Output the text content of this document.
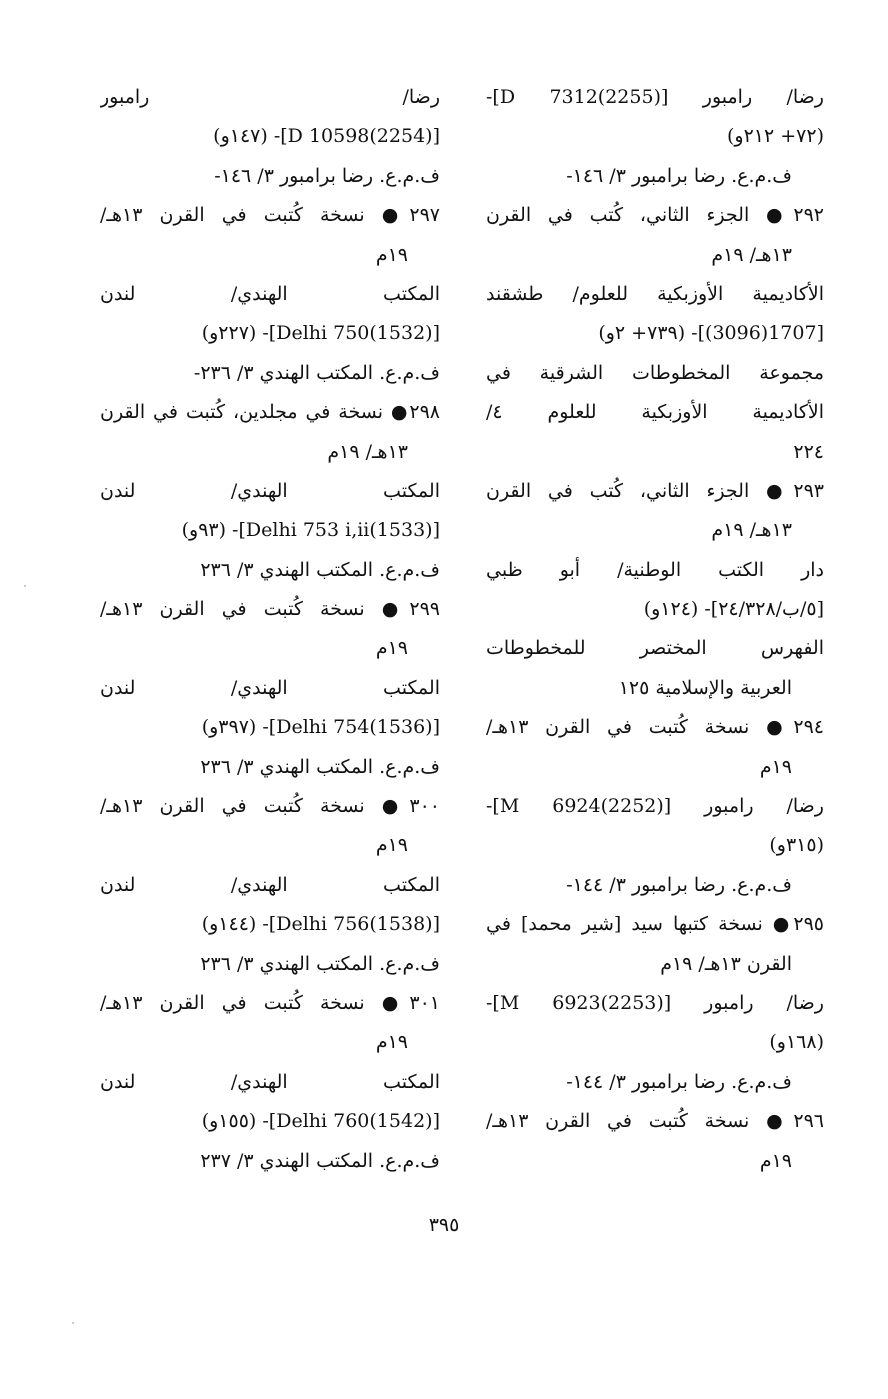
رضا/ رامبور [D 7312(2255)]-
(٧٢+ ٢١٢و)
ف.م.ع. رضا برامبور ٣/ ١٤٦-
٢٩٢● الجزء الثاني، كُتب في القرن
١٣هـ/ ١٩م
الأكاديمية الأوزبكية للعلوم/ طشقند
[1707(3096)]- (٧٣٩+ ٢و)
مجموعة المخطوطات الشرقية في
الأكاديمية الأوزبكية للعلوم ٤/
٢٢٤
٢٩٣● الجزء الثاني، كُتب في القرن
١٣هـ/ ١٩م
دار الكتب الوطنية/ أبو ظبي
[٥/ب/٢٤/٣٢٨]- (١٢٤و)
الفهرس المختصر للمخطوطات
العربية والإسلامية ١٢٥
٢٩٤● نسخة كُتبت في القرن ١٣هـ/
١٩م
رضا/ رامبور [M 6924(2252)]-
(٣١٥و)
ف.م.ع. رضا برامبور ٣/ ١٤٤-
٢٩٥● نسخة كتبها سيد [شير محمد] في
القرن ١٣هـ/ ١٩م
رضا/ رامبور [M 6923(2253)]-
(١٦٨و)
ف.م.ع. رضا برامبور ٣/ ١٤٤-
٢٩٦● نسخة كُتبت في القرن ١٣هـ/
١٩م
رضا/ رامبور
[D 10598(2254)]- (١٤٧و)
ف.م.ع. رضا برامبور ٣/ ١٤٦-
٢٩٧● نسخة كُتبت في القرن ١٣هـ/
١٩م
المكتب الهندي/ لندن
[Delhi 750(1532)]- (٢٢٧و)
ف.م.ع. المكتب الهندي ٣/ ٢٣٦-
٢٩٨● نسخة في مجلدين، كُتبت في القرن
١٣هـ/ ١٩م
المكتب الهندي/ لندن
[Delhi 753 i,ii(1533)]- (٩٣و)
ف.م.ع. المكتب الهندي ٣/ ٢٣٦
٢٩٩● نسخة كُتبت في القرن ١٣هـ/
١٩م
المكتب الهندي/ لندن
[Delhi 754(1536)]- (٣٩٧و)
ف.م.ع. المكتب الهندي ٣/ ٢٣٦
٣٠٠● نسخة كُتبت في القرن ١٣هـ/
١٩م
المكتب الهندي/ لندن
[Delhi 756(1538)]- (١٤٤و)
ف.م.ع. المكتب الهندي ٣/ ٢٣٦
٣٠١● نسخة كُتبت في القرن ١٣هـ/
١٩م
المكتب الهندي/ لندن
[Delhi 760(1542)]- (١٥٥و)
ف.م.ع. المكتب الهندي ٣/ ٢٣٧
٣٩٥
